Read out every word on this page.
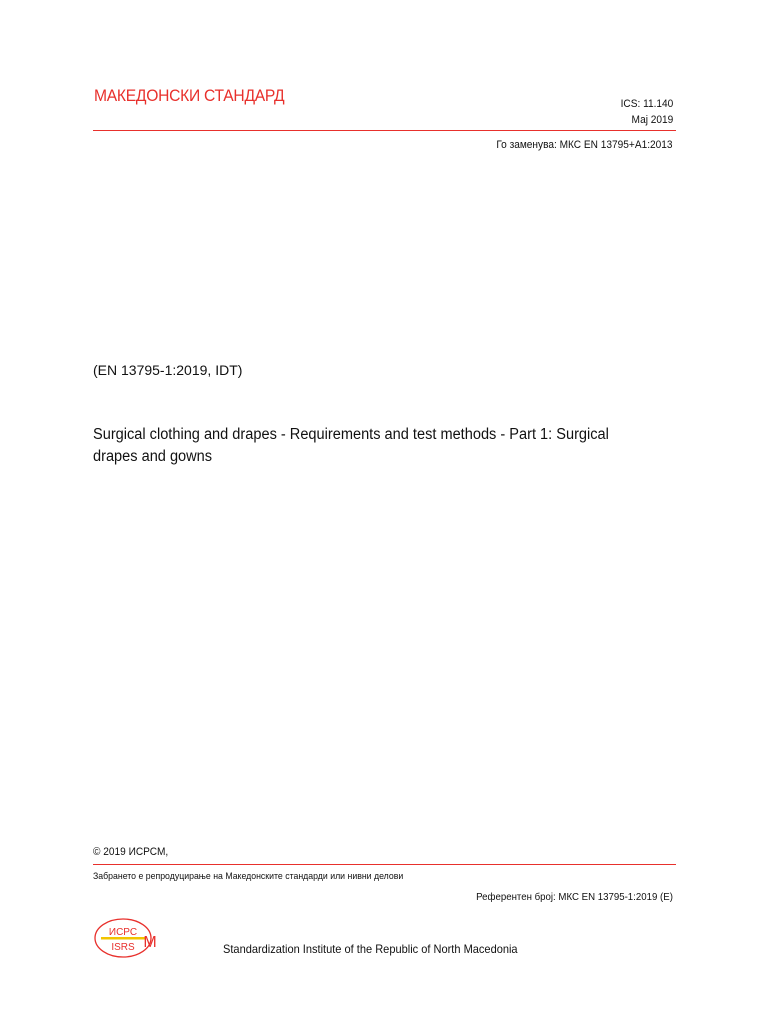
МАКЕДОНСКИ СТАНДАРД	ICS: 11.140
Мај 2019
Го заменува: МКС EN 13795+A1:2013
(EN 13795-1:2019, IDT)
Surgical clothing and drapes - Requirements and test methods - Part 1: Surgical drapes and gowns
© 2019 ИСРСМ,
Забрането е репродуцирање на Македонските стандарди или нивни делови
Референтен број: МКС EN 13795-1:2019 (E)
ИСРС
ISRS M	Standardization Institute of the Republic of North Macedonia
